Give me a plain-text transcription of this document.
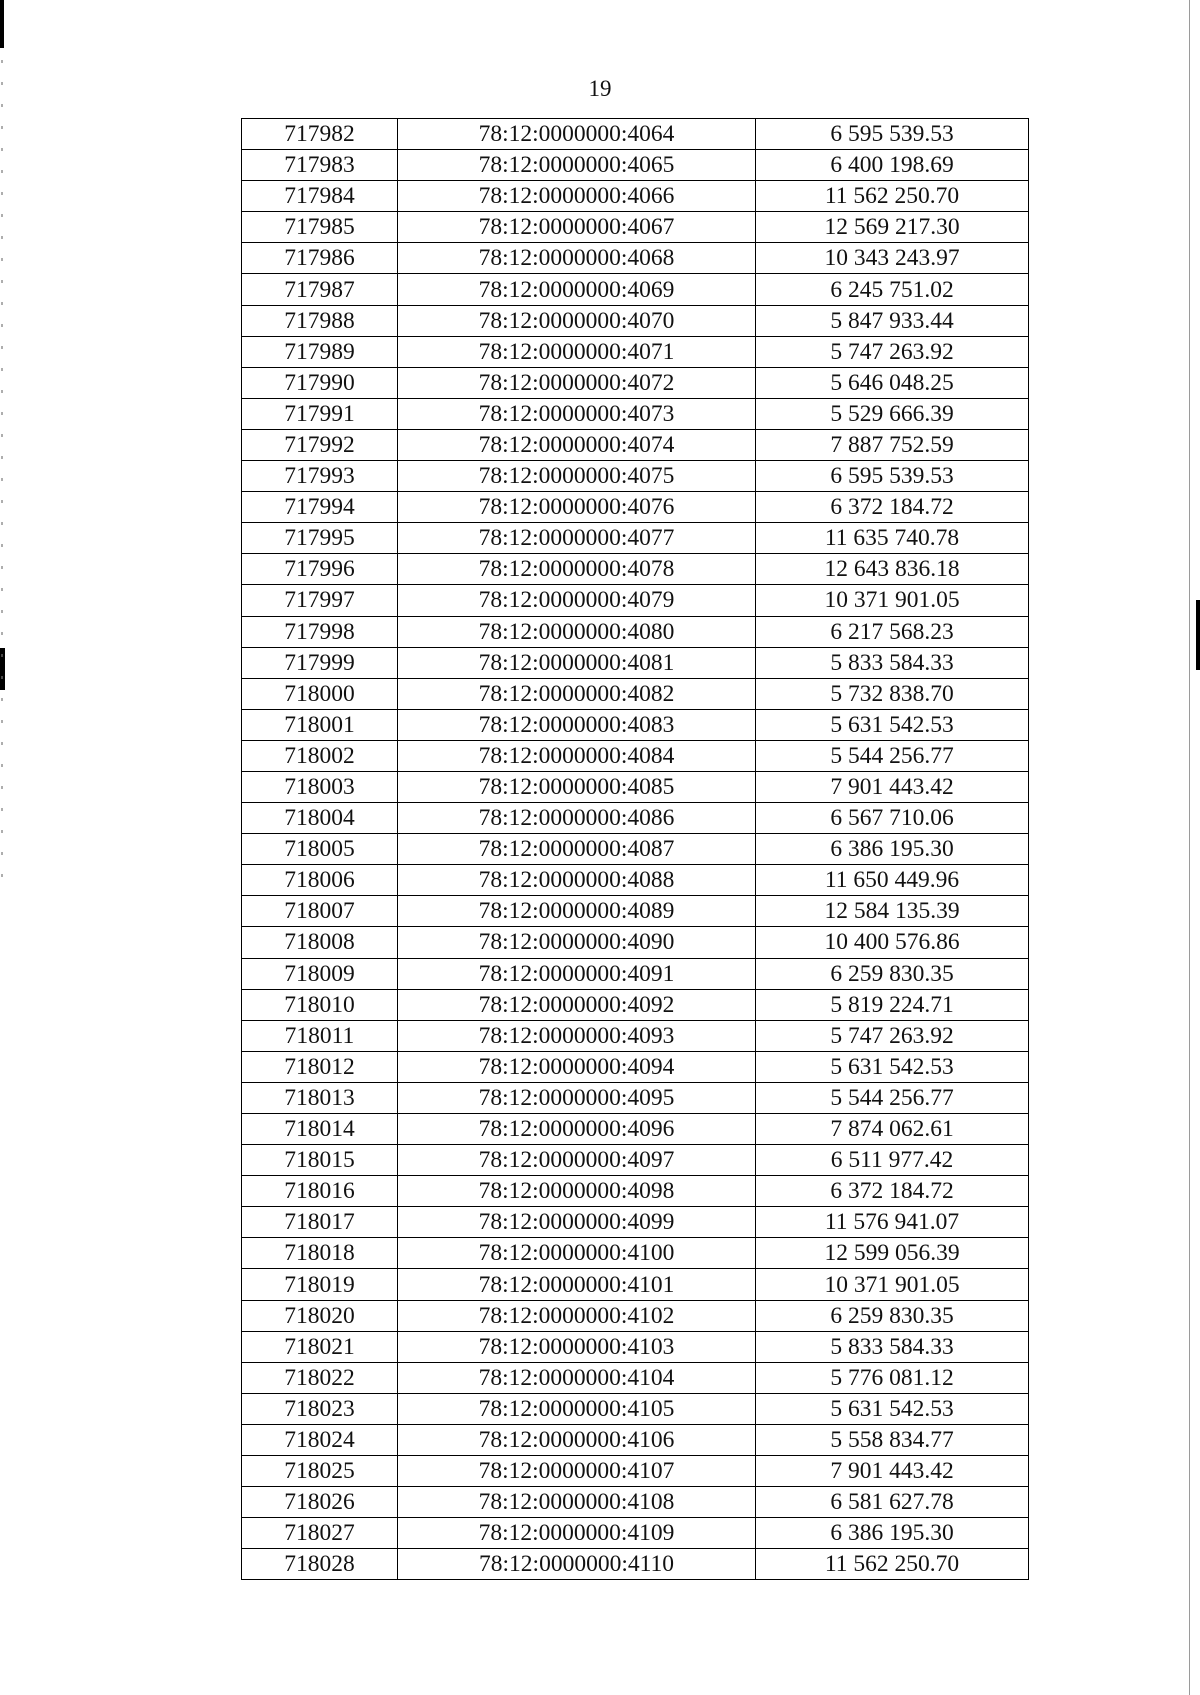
19
717982	78:12:0000000:4064	6 595 539.53
717983	78:12:0000000:4065	6 400 198.69
717984	78:12:0000000:4066	11 562 250.70
717985	78:12:0000000:4067	12 569 217.30
717986	78:12:0000000:4068	10 343 243.97
717987	78:12:0000000:4069	6 245 751.02
717988	78:12:0000000:4070	5 847 933.44
717989	78:12:0000000:4071	5 747 263.92
717990	78:12:0000000:4072	5 646 048.25
717991	78:12:0000000:4073	5 529 666.39
717992	78:12:0000000:4074	7 887 752.59
717993	78:12:0000000:4075	6 595 539.53
717994	78:12:0000000:4076	6 372 184.72
717995	78:12:0000000:4077	11 635 740.78
717996	78:12:0000000:4078	12 643 836.18
717997	78:12:0000000:4079	10 371 901.05
717998	78:12:0000000:4080	6 217 568.23
717999	78:12:0000000:4081	5 833 584.33
718000	78:12:0000000:4082	5 732 838.70
718001	78:12:0000000:4083	5 631 542.53
718002	78:12:0000000:4084	5 544 256.77
718003	78:12:0000000:4085	7 901 443.42
718004	78:12:0000000:4086	6 567 710.06
718005	78:12:0000000:4087	6 386 195.30
718006	78:12:0000000:4088	11 650 449.96
718007	78:12:0000000:4089	12 584 135.39
718008	78:12:0000000:4090	10 400 576.86
718009	78:12:0000000:4091	6 259 830.35
718010	78:12:0000000:4092	5 819 224.71
718011	78:12:0000000:4093	5 747 263.92
718012	78:12:0000000:4094	5 631 542.53
718013	78:12:0000000:4095	5 544 256.77
718014	78:12:0000000:4096	7 874 062.61
718015	78:12:0000000:4097	6 511 977.42
718016	78:12:0000000:4098	6 372 184.72
718017	78:12:0000000:4099	11 576 941.07
718018	78:12:0000000:4100	12 599 056.39
718019	78:12:0000000:4101	10 371 901.05
718020	78:12:0000000:4102	6 259 830.35
718021	78:12:0000000:4103	5 833 584.33
718022	78:12:0000000:4104	5 776 081.12
718023	78:12:0000000:4105	5 631 542.53
718024	78:12:0000000:4106	5 558 834.77
718025	78:12:0000000:4107	7 901 443.42
718026	78:12:0000000:4108	6 581 627.78
718027	78:12:0000000:4109	6 386 195.30
718028	78:12:0000000:4110	11 562 250.70
